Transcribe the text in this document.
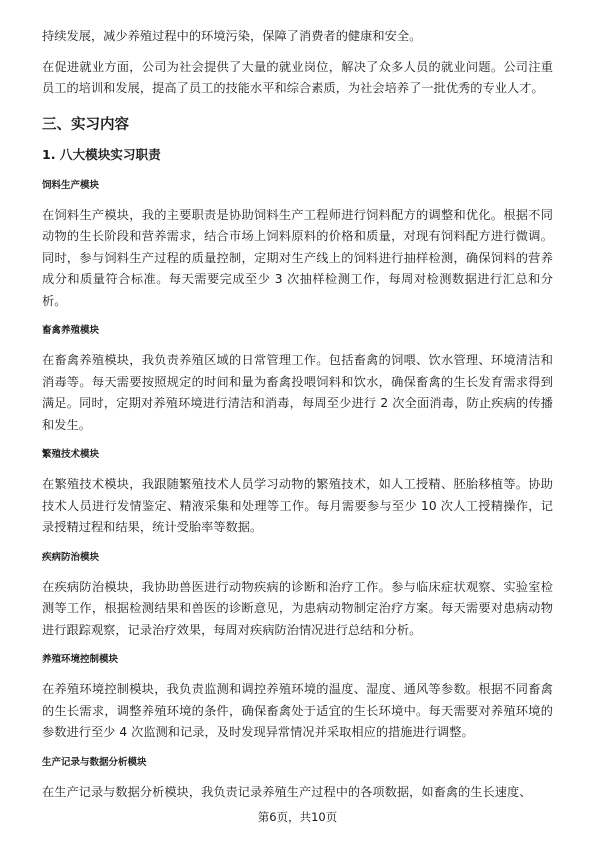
持续发展，减少养殖过程中的环境污染，保障了消费者的健康和安全。

在促进就业方面，公司为社会提供了大量的就业岗位，解决了众多人员的就业问题。公司注重员工的培训和发展，提高了员工的技能水平和综合素质，为社会培养了一批优秀的专业人才。

三、实习内容
1. 八大模块实习职责
饲料生产模块

在饲料生产模块，我的主要职责是协助饲料生产工程师进行饲料配方的调整和优化。根据不同动物的生长阶段和营养需求，结合市场上饲料原料的价格和质量，对现有饲料配方进行微调。同时，参与饲料生产过程的质量控制，定期对生产线上的饲料进行抽样检测，确保饲料的营养成分和质量符合标准。每天需要完成至少 3 次抽样检测工作，每周对检测数据进行汇总和分析。

畜禽养殖模块

在畜禽养殖模块，我负责养殖区域的日常管理工作。包括畜禽的饲喂、饮水管理、环境清洁和消毒等。每天需要按照规定的时间和量为畜禽投喂饲料和饮水，确保畜禽的生长发育需求得到满足。同时，定期对养殖环境进行清洁和消毒，每周至少进行 2 次全面消毒，防止疾病的传播和发生。

繁殖技术模块

在繁殖技术模块，我跟随繁殖技术人员学习动物的繁殖技术，如人工授精、胚胎移植等。协助技术人员进行发情鉴定、精液采集和处理等工作。每月需要参与至少 10 次人工授精操作，记录授精过程和结果，统计受胎率等数据。

疾病防治模块

在疾病防治模块，我协助兽医进行动物疾病的诊断和治疗工作。参与临床症状观察、实验室检测等工作，根据检测结果和兽医的诊断意见，为患病动物制定治疗方案。每天需要对患病动物进行跟踪观察，记录治疗效果，每周对疾病防治情况进行总结和分析。

养殖环境控制模块

在养殖环境控制模块，我负责监测和调控养殖环境的温度、湿度、通风等参数。根据不同畜禽的生长需求，调整养殖环境的条件，确保畜禽处于适宜的生长环境中。每天需要对养殖环境的参数进行至少 4 次监测和记录，及时发现异常情况并采取相应的措施进行调整。

生产记录与数据分析模块

在生产记录与数据分析模块，我负责记录养殖生产过程中的各项数据，如畜禽的生长速度、

第6页，共10页
